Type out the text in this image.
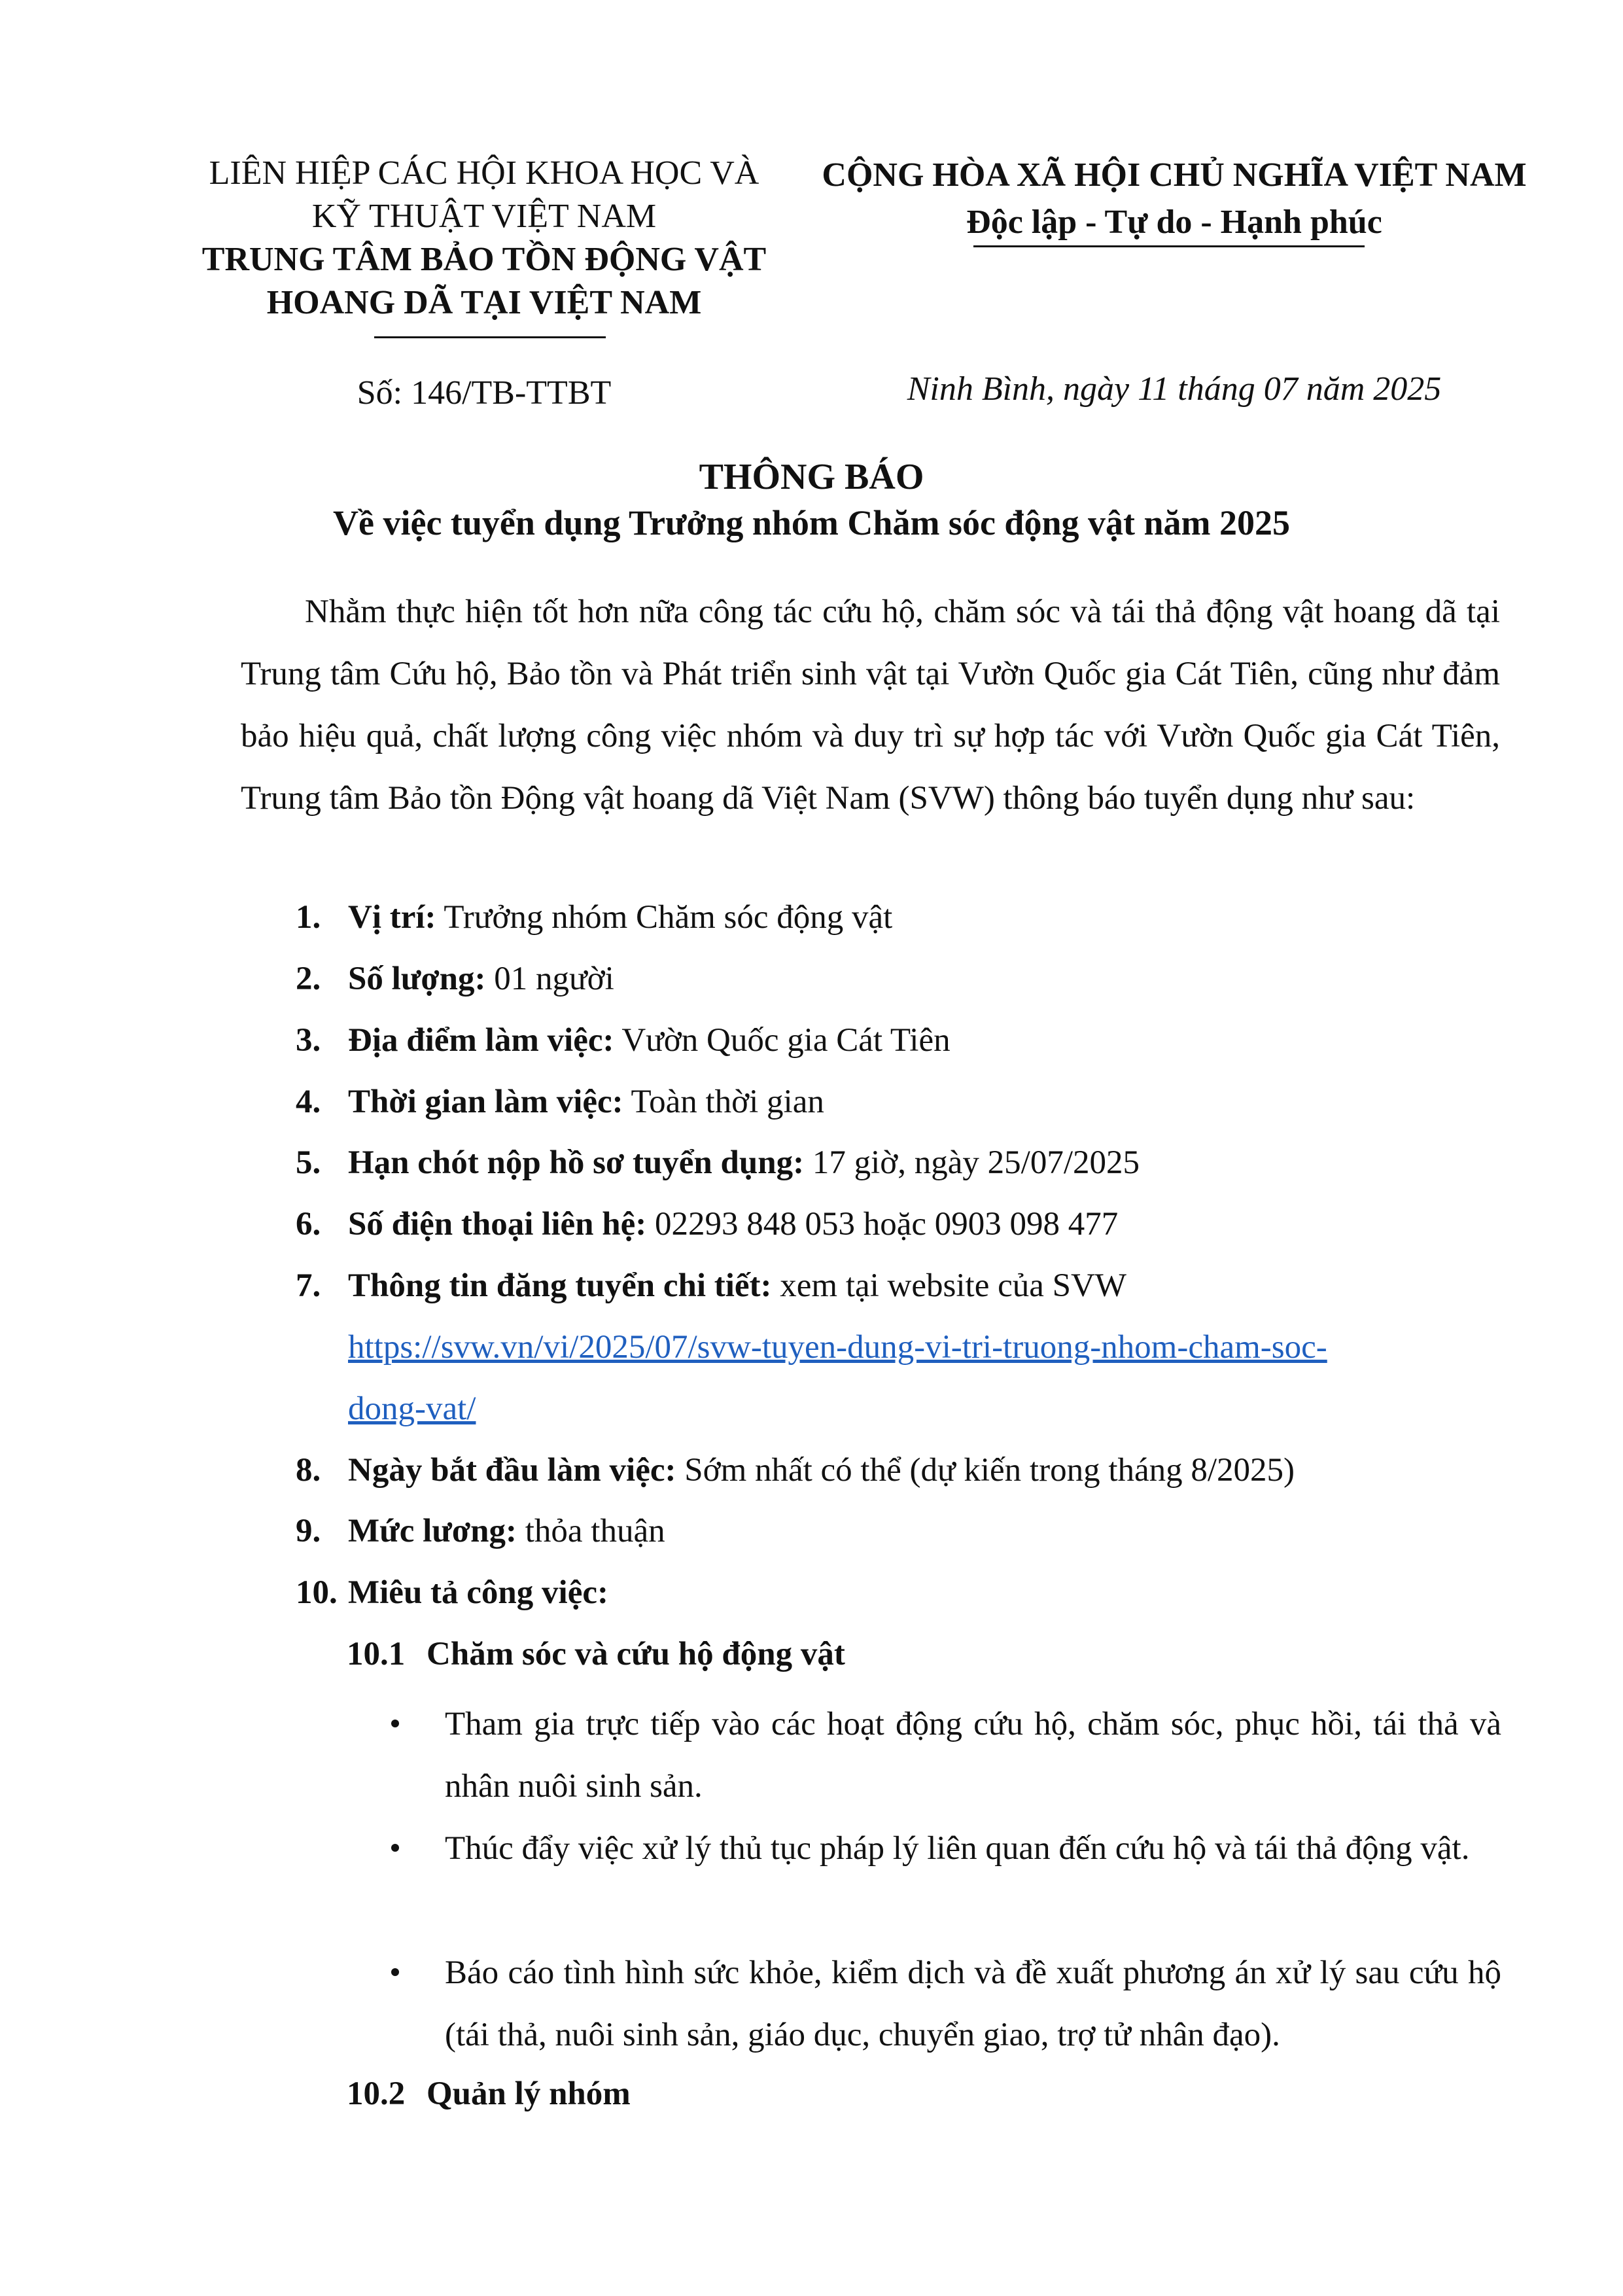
LIÊN HIỆP CÁC HỘI KHOA HỌC VÀ
KỸ THUẬT VIỆT NAM
TRUNG TÂM BẢO TỒN ĐỘNG VẬT
HOANG DÃ TẠI VIỆT NAM
CỘNG HÒA XÃ HỘI CHỦ NGHĨA VIỆT NAM
Độc lập - Tự do - Hạnh phúc
Số: 146/TB-TTBT	Ninh Bình, ngày 11 tháng 07 năm 2025
THÔNG BÁO
Về việc tuyển dụng Trưởng nhóm Chăm sóc động vật năm 2025
Nhằm thực hiện tốt hơn nữa công tác cứu hộ, chăm sóc và tái thả động vật hoang dã tại Trung tâm Cứu hộ, Bảo tồn và Phát triển sinh vật tại Vườn Quốc gia Cát Tiên, cũng như đảm bảo hiệu quả, chất lượng công việc nhóm và duy trì sự hợp tác với Vườn Quốc gia Cát Tiên, Trung tâm Bảo tồn Động vật hoang dã Việt Nam (SVW) thông báo tuyển dụng như sau:
1. Vị trí: Trưởng nhóm Chăm sóc động vật
2. Số lượng: 01 người
3. Địa điểm làm việc: Vườn Quốc gia Cát Tiên
4. Thời gian làm việc: Toàn thời gian
5. Hạn chót nộp hồ sơ tuyển dụng: 17 giờ, ngày 25/07/2025
6. Số điện thoại liên hệ: 02293 848 053 hoặc 0903 098 477
7. Thông tin đăng tuyển chi tiết: xem tại website của SVW
https://svw.vn/vi/2025/07/svw-tuyen-dung-vi-tri-truong-nhom-cham-soc-
dong-vat/
8. Ngày bắt đầu làm việc: Sớm nhất có thể (dự kiến trong tháng 8/2025)
9. Mức lương: thỏa thuận
10. Miêu tả công việc:
10.1 Chăm sóc và cứu hộ động vật
Tham gia trực tiếp vào các hoạt động cứu hộ, chăm sóc, phục hồi, tái thả và nhân nuôi sinh sản.
Thúc đẩy việc xử lý thủ tục pháp lý liên quan đến cứu hộ và tái thả động vật.
Báo cáo tình hình sức khỏe, kiểm dịch và đề xuất phương án xử lý sau cứu hộ (tái thả, nuôi sinh sản, giáo dục, chuyển giao, trợ tử nhân đạo).
10.2 Quản lý nhóm
